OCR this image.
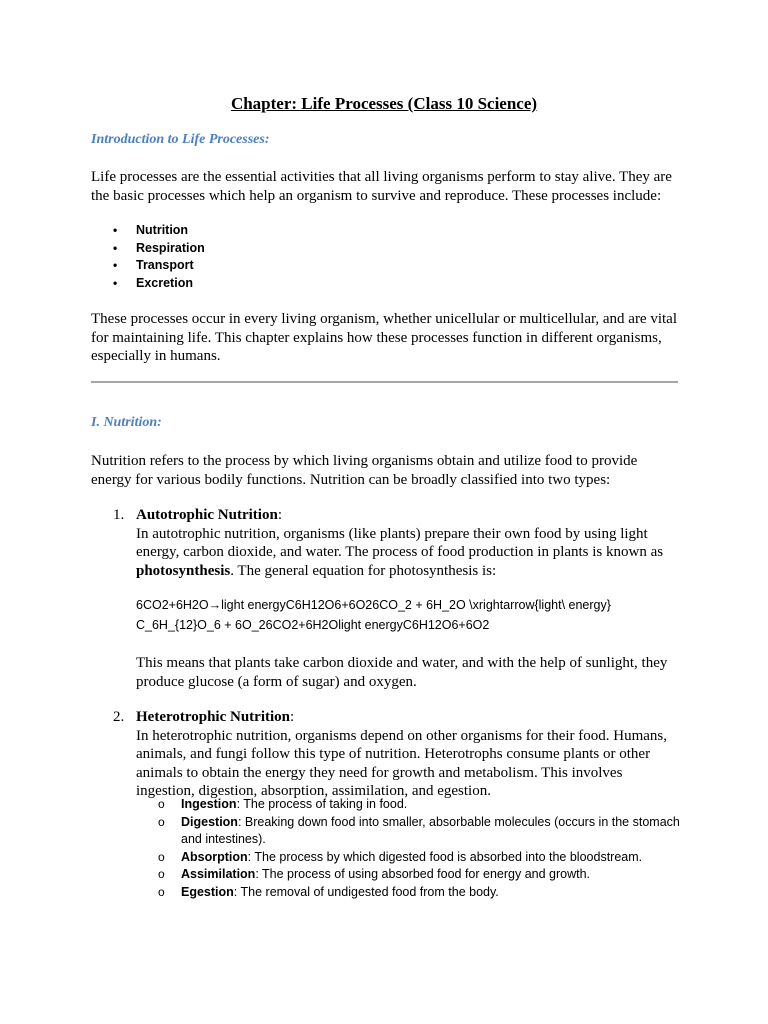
Chapter: Life Processes (Class 10 Science)
Introduction to Life Processes:
Life processes are the essential activities that all living organisms perform to stay alive. They are the basic processes which help an organism to survive and reproduce. These processes include:
• Nutrition
• Respiration
• Transport
• Excretion
These processes occur in every living organism, whether unicellular or multicellular, and are vital for maintaining life. This chapter explains how these processes function in different organisms, especially in humans.
I. Nutrition:
Nutrition refers to the process by which living organisms obtain and utilize food to provide energy for various bodily functions. Nutrition can be broadly classified into two types:
1. Autotrophic Nutrition:
In autotrophic nutrition, organisms (like plants) prepare their own food by using light energy, carbon dioxide, and water. The process of food production in plants is known as photosynthesis. The general equation for photosynthesis is:
6CO2+6H2O→light energyC6H12O6+6O26CO_2 + 6H_2O \xrightarrow{light\ energy} C_6H_{12}O_6 + 6O_26CO2+6H2Olight energyC6H12O6+6O2
This means that plants take carbon dioxide and water, and with the help of sunlight, they produce glucose (a form of sugar) and oxygen.
2. Heterotrophic Nutrition:
In heterotrophic nutrition, organisms depend on other organisms for their food. Humans, animals, and fungi follow this type of nutrition. Heterotrophs consume plants or other animals to obtain the energy they need for growth and metabolism. This involves ingestion, digestion, absorption, assimilation, and egestion.
o Ingestion: The process of taking in food.
o Digestion: Breaking down food into smaller, absorbable molecules (occurs in the stomach and intestines).
o Absorption: The process by which digested food is absorbed into the bloodstream.
o Assimilation: The process of using absorbed food for energy and growth.
o Egestion: The removal of undigested food from the body.
